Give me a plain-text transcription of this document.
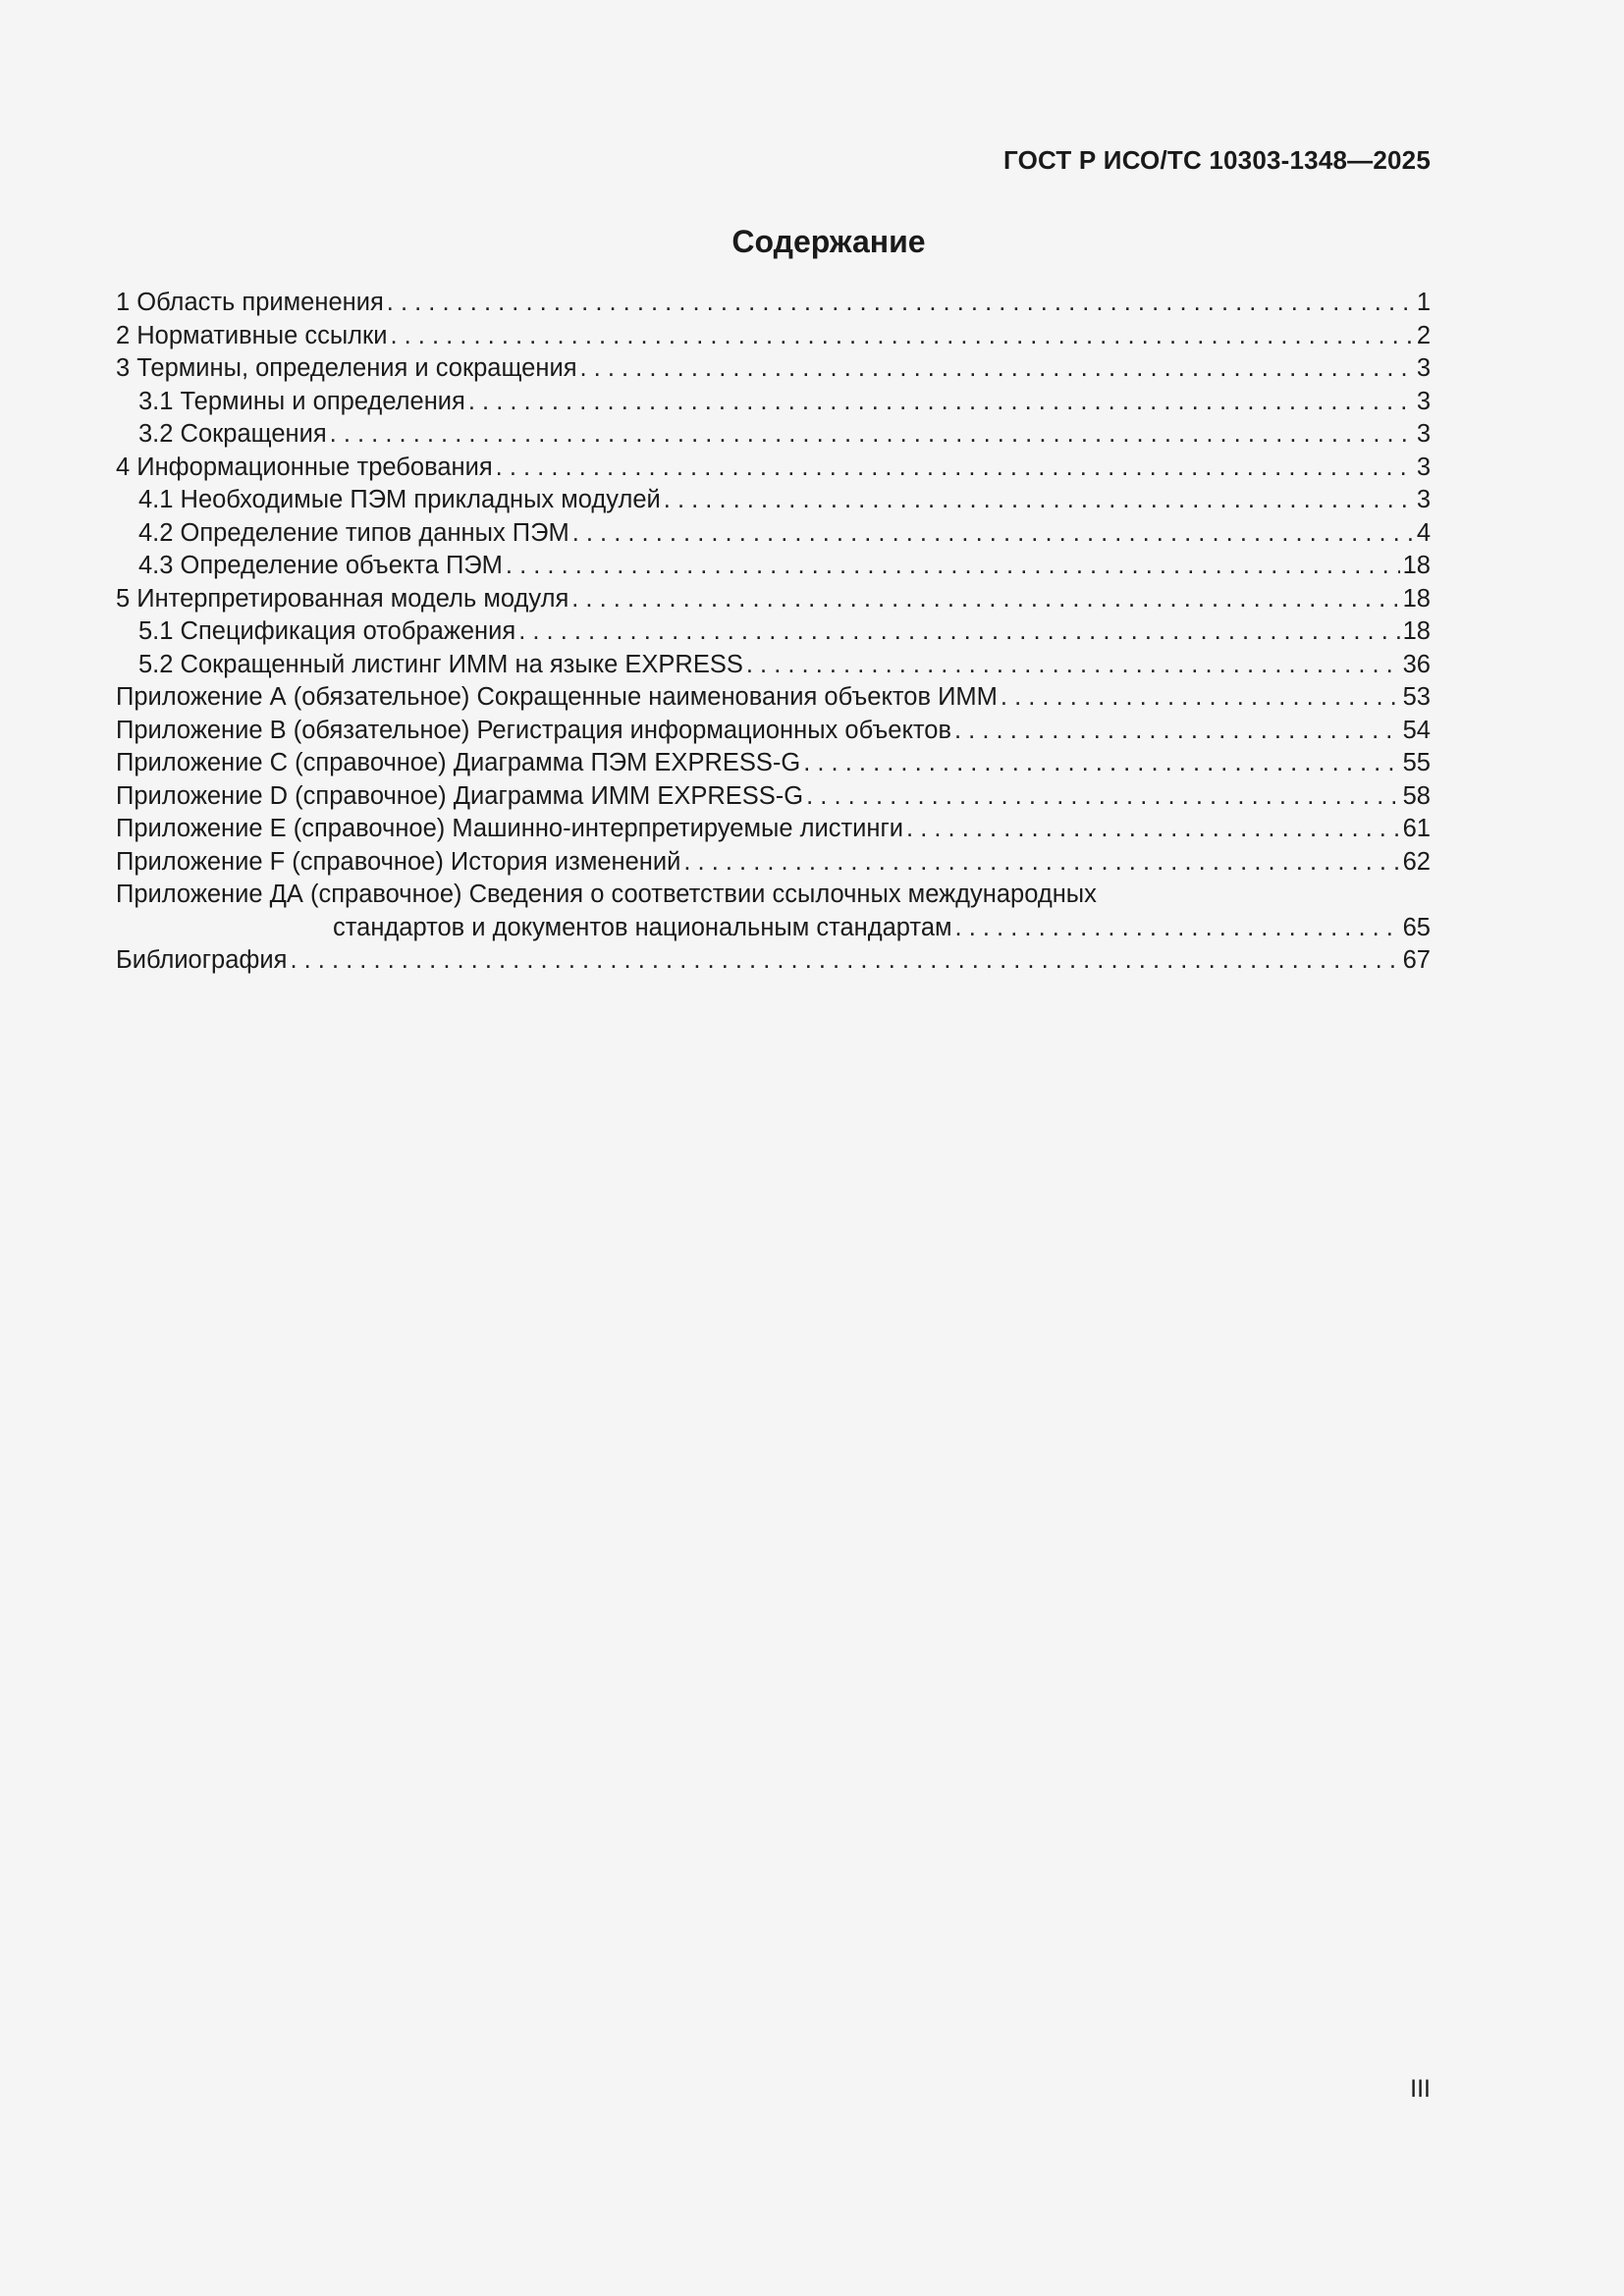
ГОСТ Р ИСО/ТС 10303-1348—2025
Содержание
1 Область применения . . .	1
2 Нормативные ссылки . . .	2
3 Термины, определения и сокращения . . .	3
3.1 Термины и определения . . .	3
3.2 Сокращения . . .	3
4 Информационные требования . . .	3
4.1 Необходимые ПЭМ прикладных модулей . . .	3
4.2 Определение типов данных ПЭМ . . .	4
4.3 Определение объекта ПЭМ . . .	18
5 Интерпретированная модель модуля . . .	18
5.1 Спецификация отображения . . .	18
5.2 Сокращенный листинг ИММ на языке EXPRESS . . .	36
Приложение А (обязательное) Сокращенные наименования объектов ИММ . . .	53
Приложение В (обязательное) Регистрация информационных объектов . . .	54
Приложение С (справочное) Диаграмма ПЭМ EXPRESS-G . . .	55
Приложение D (справочное) Диаграмма ИММ EXPRESS-G . . .	58
Приложение Е (справочное) Машинно-интерпретируемые листинги . . .	61
Приложение F (справочное) История изменений . . .	62
Приложение ДА (справочное) Сведения о соответствии ссылочных международных
стандартов и документов национальным стандартам . . .	65
Библиография . . .	67
III
